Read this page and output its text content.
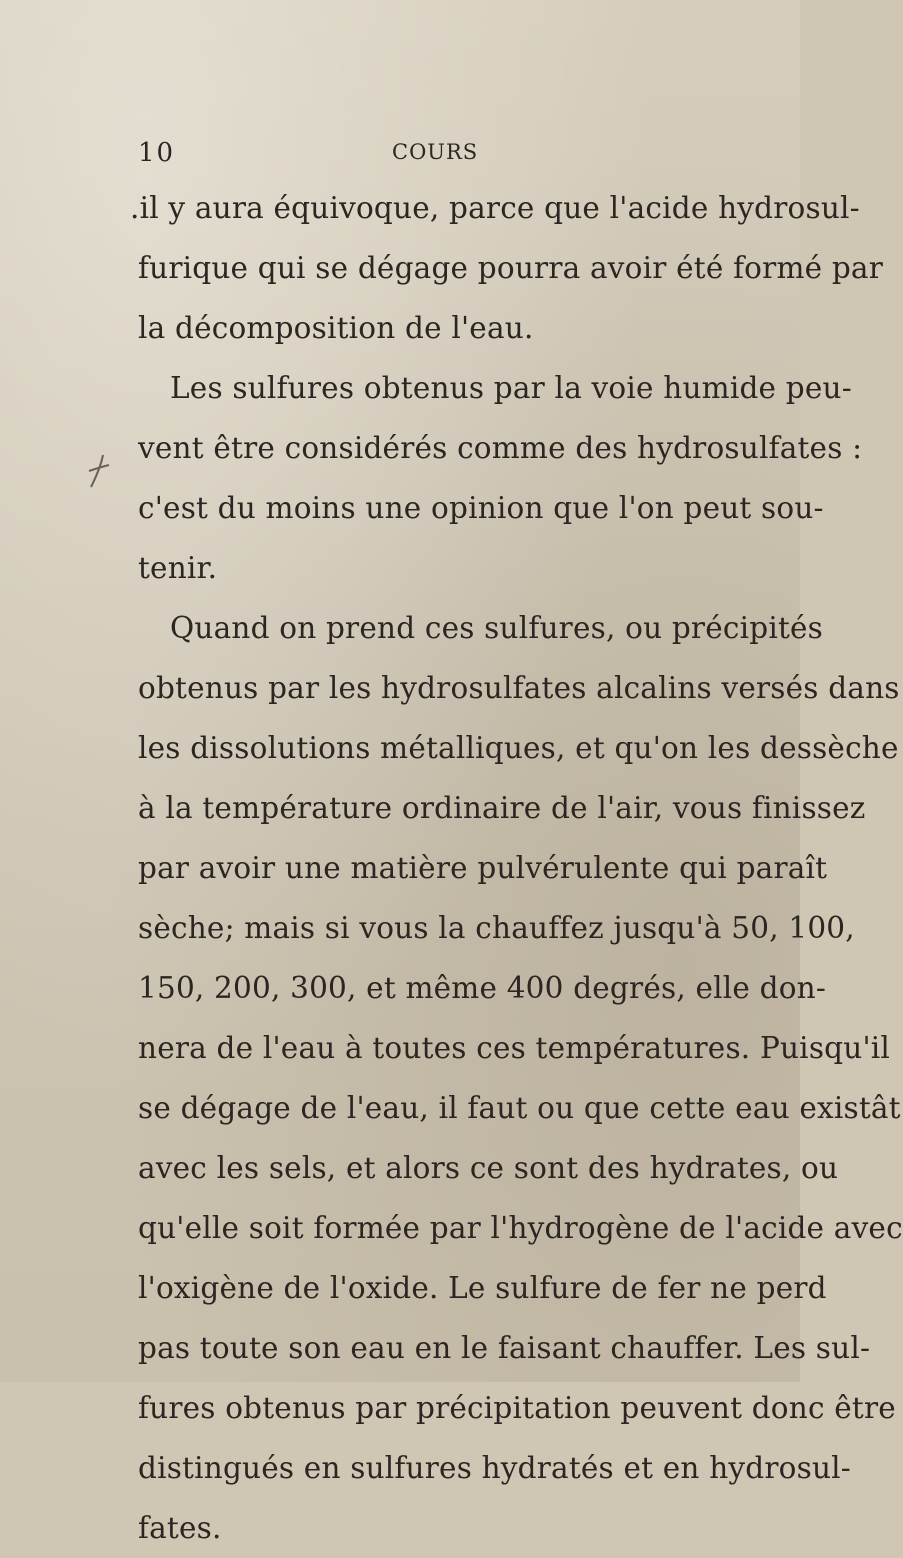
10	COURS
.il y aura équivoque, parce que l'acide hydrosul-
furique qui se dégage pourra avoir été formé par
la décomposition de l'eau.
Les sulfures obtenus par la voie humide peu-
vent être considérés comme des hydrosulfates :
c'est du moins une opinion que l'on peut sou-
tenir.
Quand on prend ces sulfures, ou précipités
obtenus par les hydrosulfates alcalins versés dans
les dissolutions métalliques, et qu'on les dessèche
à la température ordinaire de l'air, vous finissez
par avoir une matière pulvérulente qui paraît
sèche; mais si vous la chauffez jusqu'à 50, 100,
150, 200, 300, et même 400 degrés, elle don-
nera de l'eau à toutes ces températures. Puisqu'il
se dégage de l'eau, il faut ou que cette eau existât
avec les sels, et alors ce sont des hydrates, ou
qu'elle soit formée par l'hydrogène de l'acide avec
l'oxigène de l'oxide. Le sulfure de fer ne perd
pas toute son eau en le faisant chauffer. Les sul-
fures obtenus par précipitation peuvent donc être
distingués en sulfures hydratés et en hydrosul-
fates.
